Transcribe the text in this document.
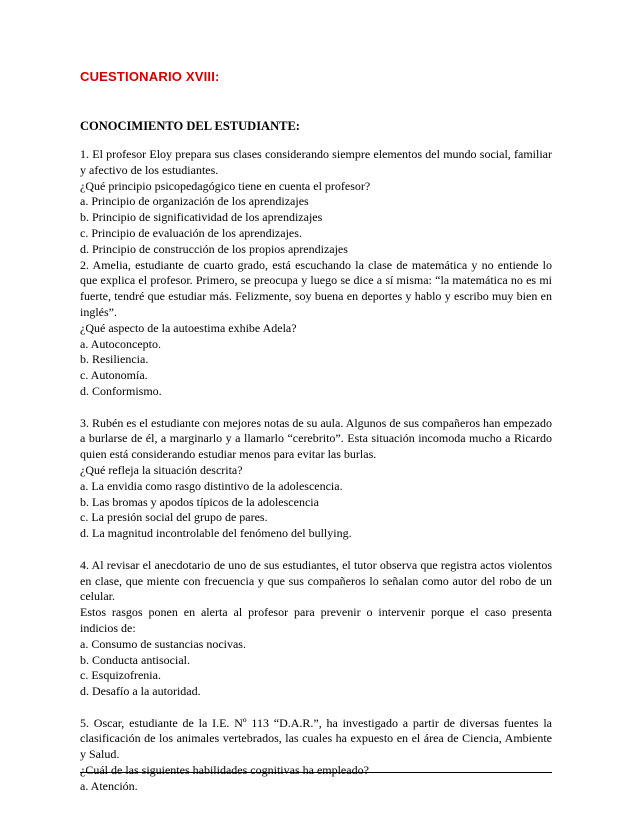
CUESTIONARIO XVIII:
CONOCIMIENTO DEL ESTUDIANTE:

1. El profesor Eloy prepara sus clases considerando siempre elementos del mundo social, familiar y afectivo de los estudiantes.

¿Qué principio psicopedagógico tiene en cuenta el profesor?

a. Principio de organización de los aprendizajes

b. Principio de significatividad de los aprendizajes

c. Principio de evaluación de los aprendizajes.

d. Principio de construcción de los propios aprendizajes

2. Amelia, estudiante de cuarto grado, está escuchando la clase de matemática y no entiende lo que explica el profesor. Primero, se preocupa y luego se dice a sí misma: “la matemática no es mi fuerte, tendré que estudiar más. Felizmente, soy buena en deportes y hablo y escribo muy bien en inglés”.

¿Qué aspecto de la autoestima exhibe Adela?

a. Autoconcepto.

b. Resiliencia.

c. Autonomía.

d. Conformismo.

3. Rubén es el estudiante con mejores notas de su aula. Algunos de sus compañeros han empezado a burlarse de él, a marginarlo y a llamarlo “cerebrito”. Esta situación incomoda mucho a Ricardo quien está considerando estudiar menos para evitar las burlas.

¿Qué refleja la situación descrita?

a. La envidia como rasgo distintivo de la adolescencia.

b. Las bromas y apodos típicos de la adolescencia

c. La presión social del grupo de pares.

d. La magnitud incontrolable del fenómeno del bullying.

4. Al revisar el anecdotario de uno de sus estudiantes, el tutor observa que registra actos violentos en clase, que miente con frecuencia y que sus compañeros lo señalan como autor del robo de un celular.

Estos rasgos ponen en alerta al profesor para prevenir o intervenir porque el caso presenta indicios de:

a. Consumo de sustancias nocivas.

b. Conducta antisocial.

c. Esquizofrenia.

d. Desafío a la autoridad.

5. Oscar, estudiante de la I.E. Nº 113 “D.A.R.”, ha investigado a partir de diversas fuentes la clasificación de los animales vertebrados, las cuales ha expuesto en el área de Ciencia, Ambiente y Salud.

¿Cuál de las siguientes habilidades cognitivas ha empleado?

a. Atención.
